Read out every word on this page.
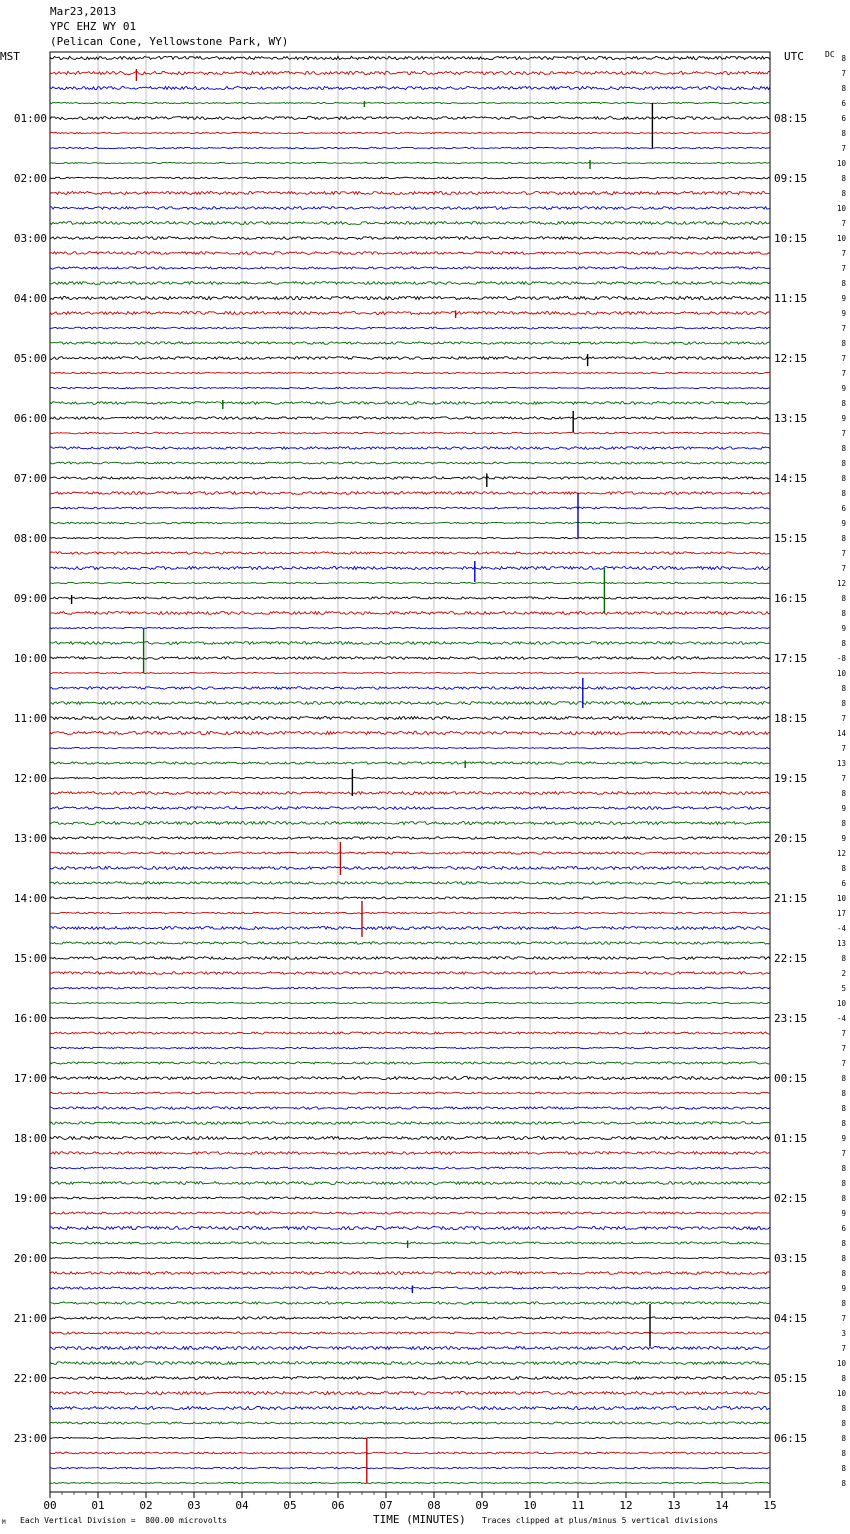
Mar23,2013
YPC EHZ WY 01
(Pelican Cone, Yellowstone Park, WY)
MST	UTC	DC
00	01	02	03	04	05	06	07	08	09	10	11	12	13	14	15
01:00
02:00
03:00
04:00
05:00
06:00
07:00
08:00
09:00
10:00
11:00
12:00
13:00
14:00
15:00
16:00
17:00
18:00
19:00
20:00
21:00
22:00
23:00
08:15
09:15
10:15
11:15
12:15
13:15
14:15
15:15
16:15
17:15
18:15
19:15
20:15
21:15
22:15
23:15
00:15
01:15
02:15
03:15
04:15
05:15
06:15
8
7
8
6
6
8
7
10
8
8
10
7
10
7
7
8
9
9
7
8
7
7
9
8
9
7
8
8
8
8
6
9
8
7
7
12
8
8
9
8
-8
10
8
8
7
14
7
13
7
8
9
8
9
12
8
6
10
17
-4
13
8
2
5
10
-4
7
7
7
8
8
8
8
9
7
8
8
8
9
6
8
8
8
9
8
7
3
7
10
8
10
8
8
8
8
8
8
TIME (MINUTES)
Each Vertical Division =  800.00 microvolts	Traces clipped at plus/minus 5 vertical divisions
M
